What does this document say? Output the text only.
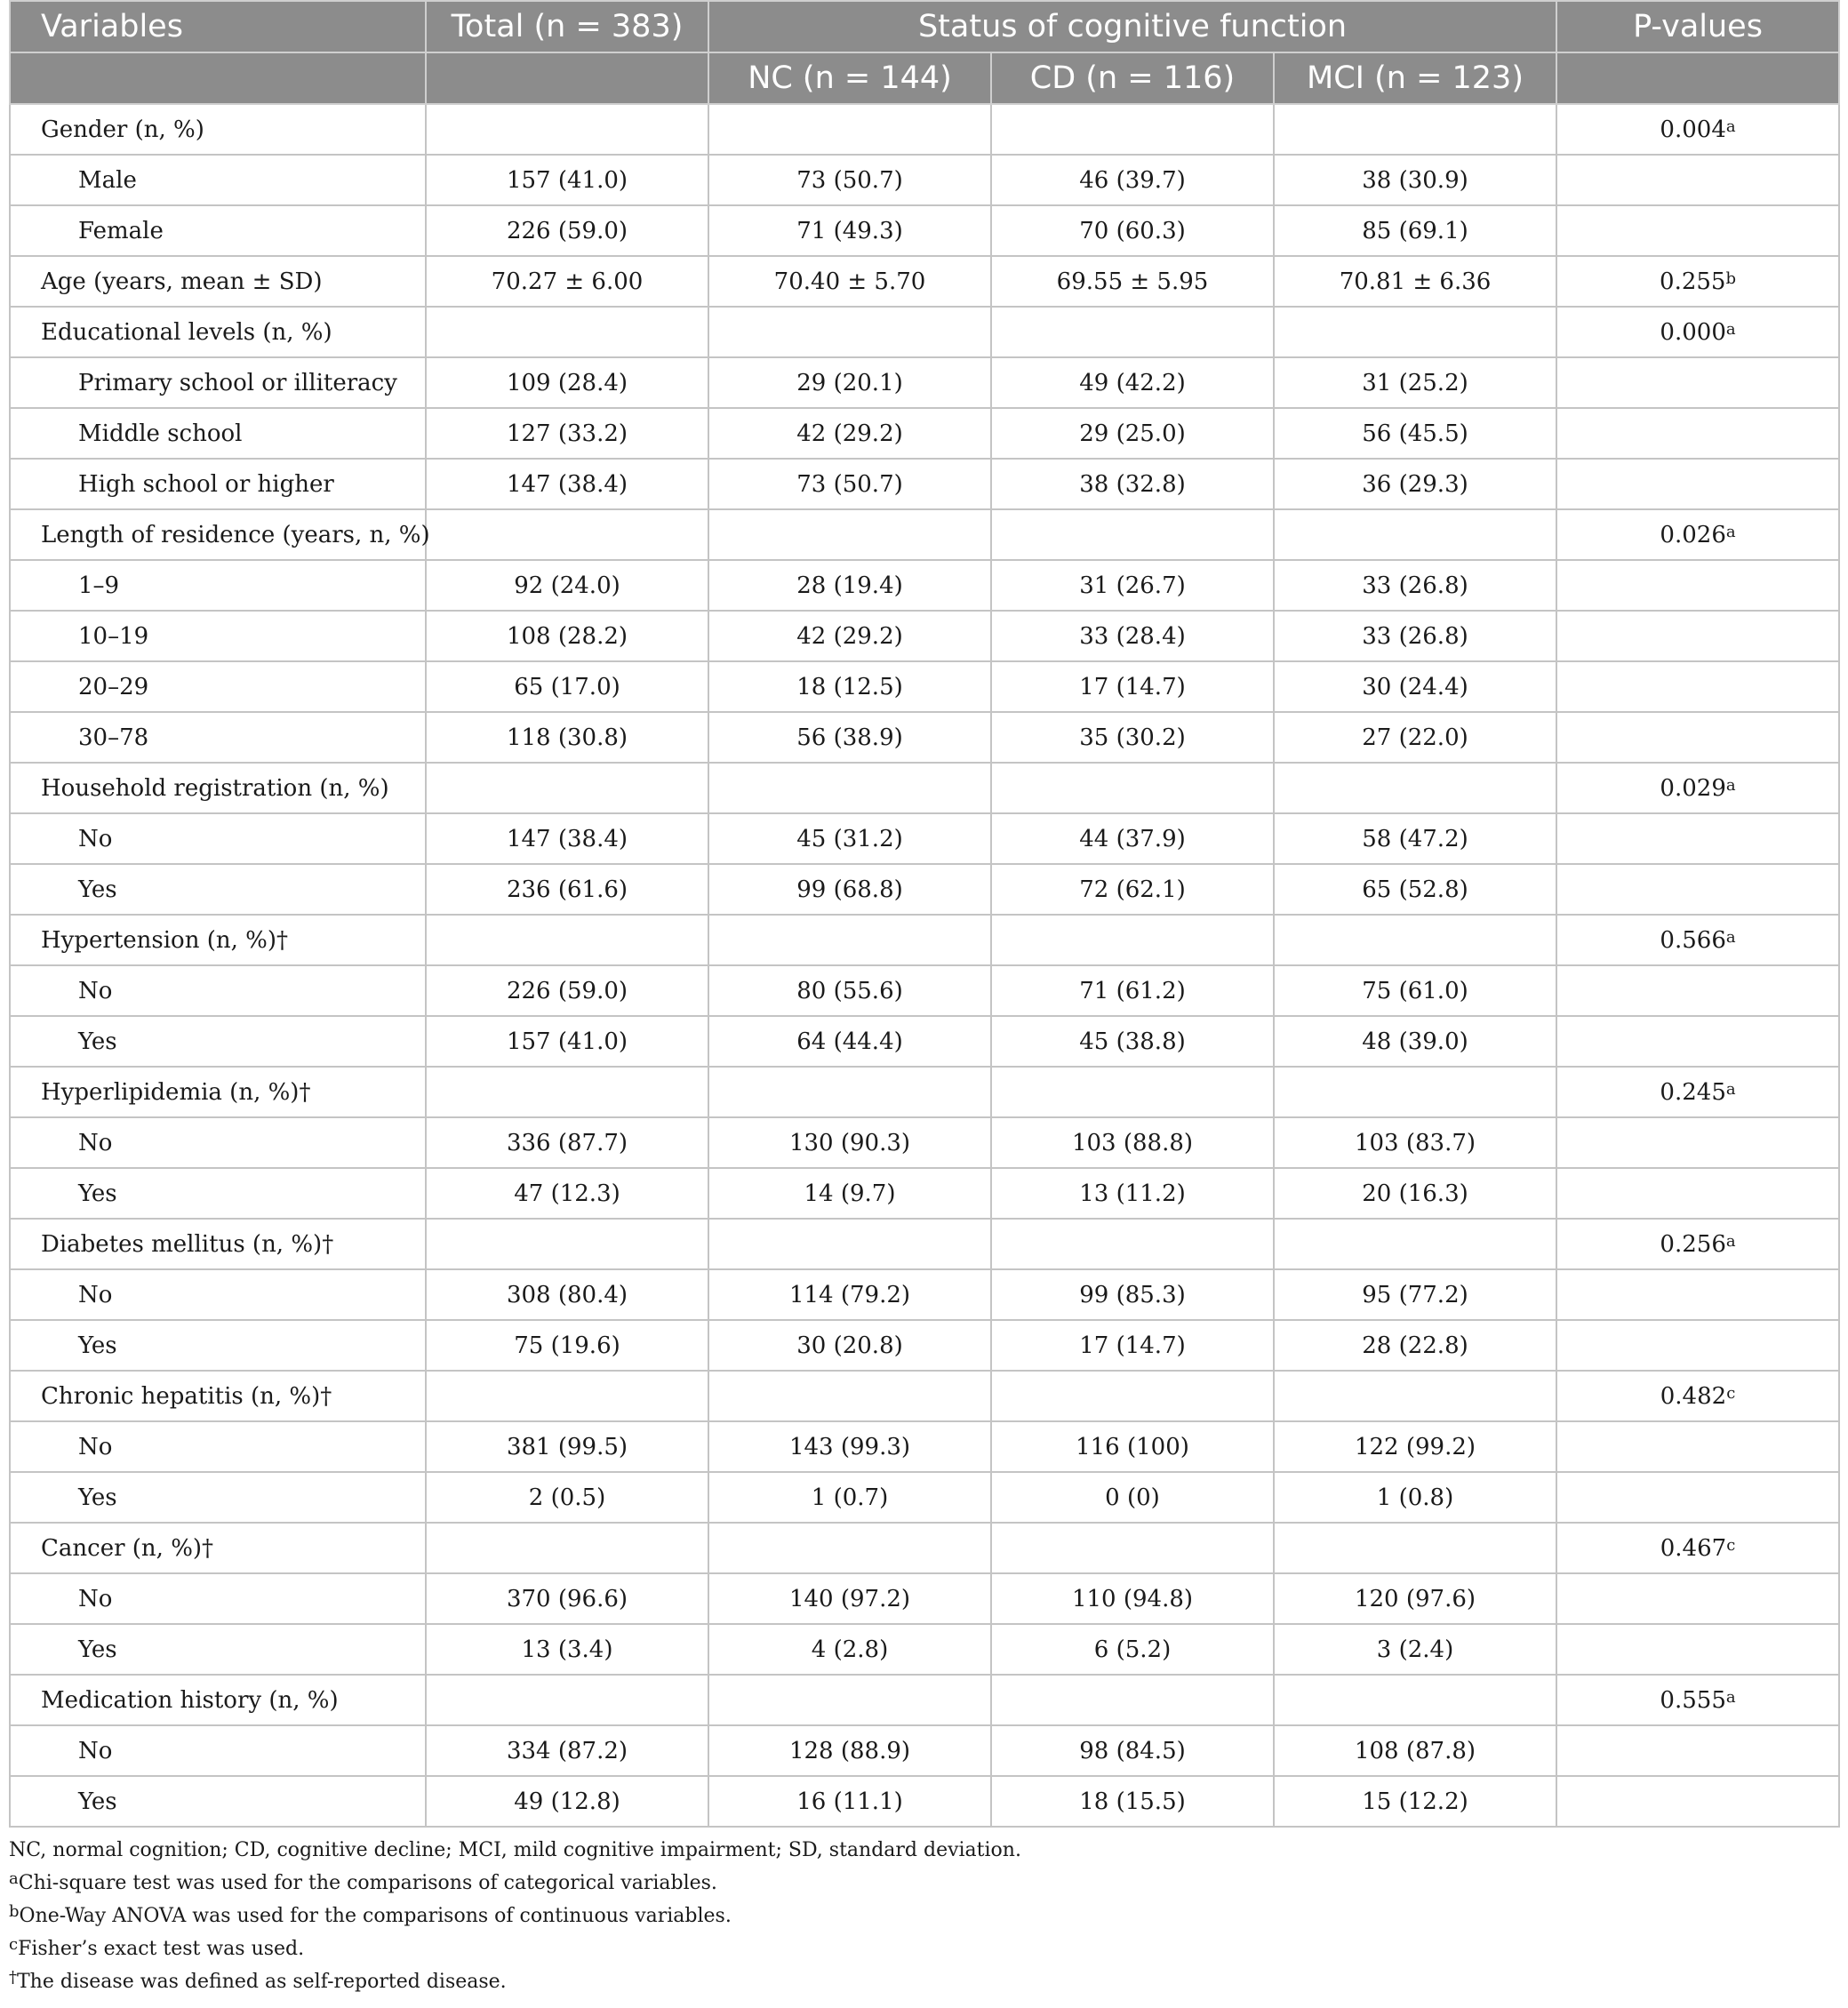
Variables	Total (n = 383)	Status of cognitive function			P-values
		NC (n = 144)	CD (n = 116)	MCI (n = 123)	
Gender (n, %)					0.004$^a$
Male	157 (41.0)	73 (50.7)	46 (39.7)	38 (30.9)	
Female	226 (59.0)	71 (49.3)	70 (60.3)	85 (69.1)	
Age (years, mean ± SD)	70.27 ± 6.00	70.40 ± 5.70	69.55 ± 5.95	70.81 ± 6.36	0.255$^b$
Educational levels (n, %)					0.000$^a$
Primary school or illiteracy	109 (28.4)	29 (20.1)	49 (42.2)	31 (25.2)	
Middle school	127 (33.2)	42 (29.2)	29 (25.0)	56 (45.5)	
High school or higher	147 (38.4)	73 (50.7)	38 (32.8)	36 (29.3)	
Length of residence (years, n, %)					0.026$^a$
1–9	92 (24.0)	28 (19.4)	31 (26.7)	33 (26.8)	
10–19	108 (28.2)	42 (29.2)	33 (28.4)	33 (26.8)	
20–29	65 (17.0)	18 (12.5)	17 (14.7)	30 (24.4)	
30–78	118 (30.8)	56 (38.9)	35 (30.2)	27 (22.0)	
Household registration (n, %)					0.029$^a$
No	147 (38.4)	45 (31.2)	44 (37.9)	58 (47.2)	
Yes	236 (61.6)	99 (68.8)	72 (62.1)	65 (52.8)	
Hypertension (n, %)†					0.566$^a$
No	226 (59.0)	80 (55.6)	71 (61.2)	75 (61.0)	
Yes	157 (41.0)	64 (44.4)	45 (38.8)	48 (39.0)	
Hyperlipidemia (n, %)†					0.245$^a$
No	336 (87.7)	130 (90.3)	103 (88.8)	103 (83.7)	
Yes	47 (12.3)	14 (9.7)	13 (11.2)	20 (16.3)	
Diabetes mellitus (n, %)†					0.256$^a$
No	308 (80.4)	114 (79.2)	99 (85.3)	95 (77.2)	
Yes	75 (19.6)	30 (20.8)	17 (14.7)	28 (22.8)	
Chronic hepatitis (n, %)†					0.482$^c$
No	381 (99.5)	143 (99.3)	116 (100)	122 (99.2)	
Yes	2 (0.5)	1 (0.7)	0 (0)	1 (0.8)	
Cancer (n, %)†					0.467$^c$
No	370 (96.6)	140 (97.2)	110 (94.8)	120 (97.6)	
Yes	13 (3.4)	4 (2.8)	6 (5.2)	3 (2.4)	
Medication history (n, %)					0.555$^a$
No	334 (87.2)	128 (88.9)	98 (84.5)	108 (87.8)	
Yes	49 (12.8)	16 (11.1)	18 (15.5)	15 (12.2)	
NC, normal cognition; CD, cognitive decline; MCI, mild cognitive impairment; SD, standard deviation.
$^a$Chi-square test was used for the comparisons of categorical variables.
$^b$One-Way ANOVA was used for the comparisons of continuous variables.
$^c$Fisher’s exact test was used.
†The disease was defined as self-reported disease.
